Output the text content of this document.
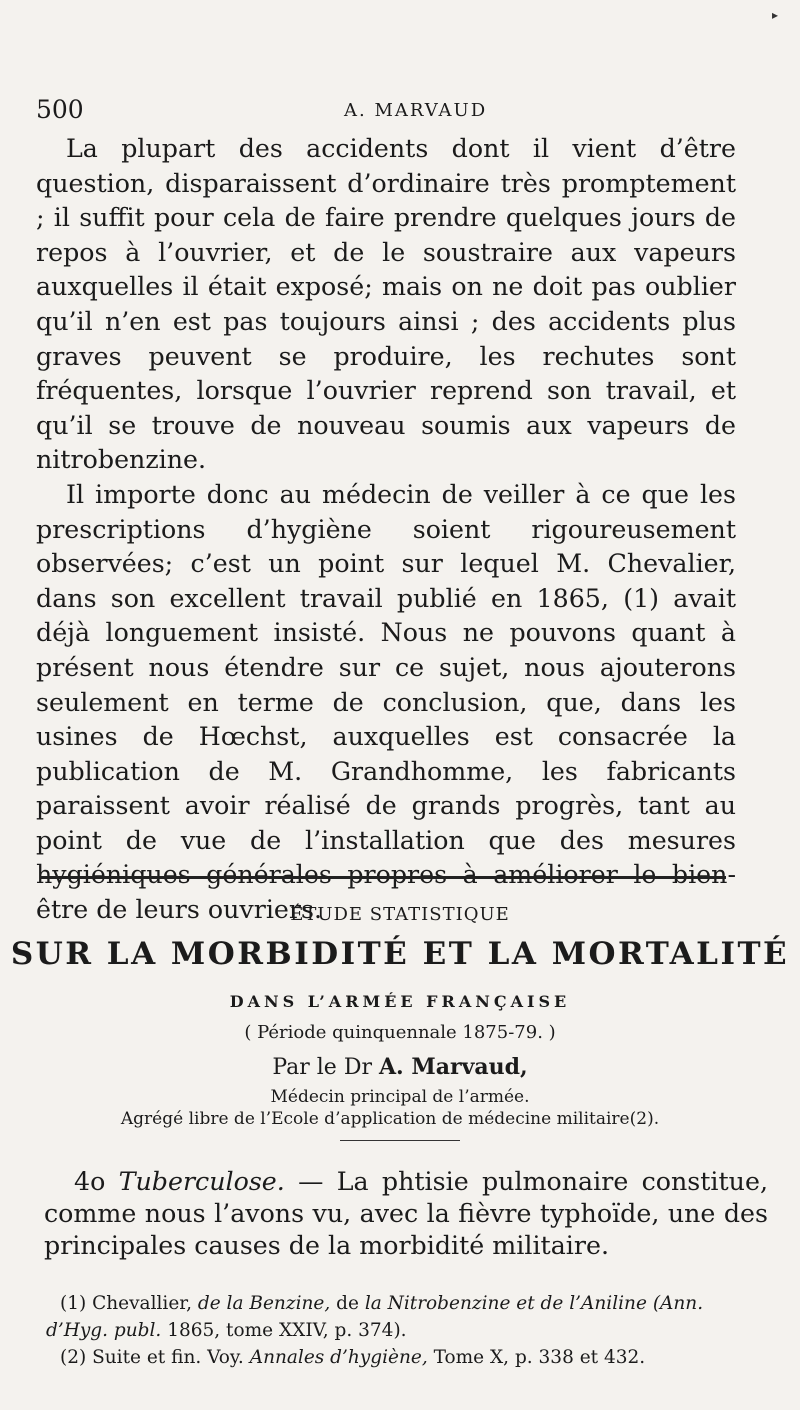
▸
500	A. MARVAUD

La plupart des accidents dont il vient d’être question, disparaissent d’ordinaire très promptement ; il suffit pour cela de faire prendre quelques jours de repos à l’ouvrier, et de le soustraire aux vapeurs auxquelles il était exposé; mais on ne doit pas oublier qu’il n’en est pas toujours ainsi ; des accidents plus graves peuvent se produire, les rechutes sont fréquentes, lorsque l’ouvrier reprend son travail, et qu’il se trouve de nouveau soumis aux vapeurs de nitrobenzine.

Il importe donc au médecin de veiller à ce que les prescriptions d’hygiène soient rigoureusement observées; c’est un point sur lequel M. Chevalier, dans son excellent travail publié en 1865, (1) avait déjà longuement insisté. Nous ne pouvons quant à présent nous étendre sur ce sujet, nous ajouterons seulement en terme de conclusion, que, dans les usines de Hœchst, auxquelles est consacrée la publication de M. Grandhomme, les fabricants paraissent avoir réalisé de grands progrès, tant au point de vue de l’installation que des mesures hygiéniques générales propres à améliorer le bien-être de leurs ouvriers.

ÉTUDE STATISTIQUE
SUR LA MORBIDITÉ ET LA MORTALITÉ
DANS L’ARMÉE FRANÇAISE
( Période quinquennale 1875-79. )
Par le Dr A. Marvaud,
Médecin principal de l’armée.
Agrégé libre de l’Ecole d’application de médecine militaire(2).

4o Tuberculose. — La phtisie pulmonaire constitue, comme nous l’avons vu, avec la fièvre typhoïde, une des principales causes de la morbidité militaire.

(1) Chevallier, de la Benzine, de la Nitrobenzine et de l’Aniline (Ann. d’Hyg. publ. 1865, tome XXIV, p. 374).

(2) Suite et fin. Voy. Annales d’hygiène, Tome X, p. 338 et 432.
